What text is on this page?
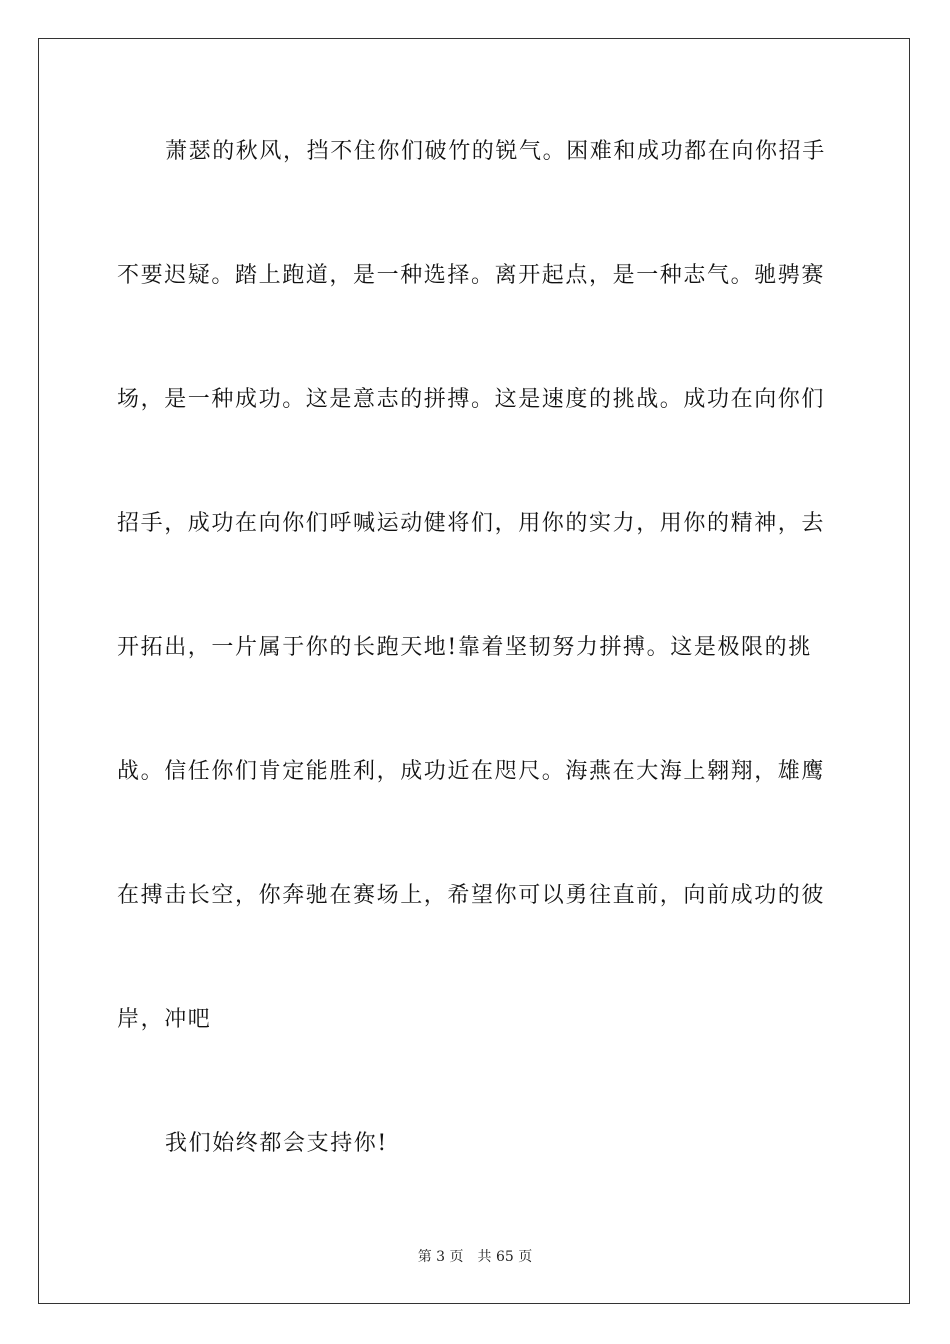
萧瑟的秋风，挡不住你们破竹的锐气。困难和成功都在向你招手
不要迟疑。踏上跑道，是一种选择。离开起点，是一种志气。驰骋赛
场，是一种成功。这是意志的拼搏。这是速度的挑战。成功在向你们
招手，成功在向你们呼喊运动健将们，用你的实力，用你的精神，去
开拓出，一片属于你的长跑天地!靠着坚韧努力拼搏。这是极限的挑
战。信任你们肯定能胜利，成功近在咫尺。海燕在大海上翱翔，雄鹰
在搏击长空，你奔驰在赛场上，希望你可以勇往直前，向前成功的彼
岸，冲吧
我们始终都会支持你!
第 3 页 共 65 页
